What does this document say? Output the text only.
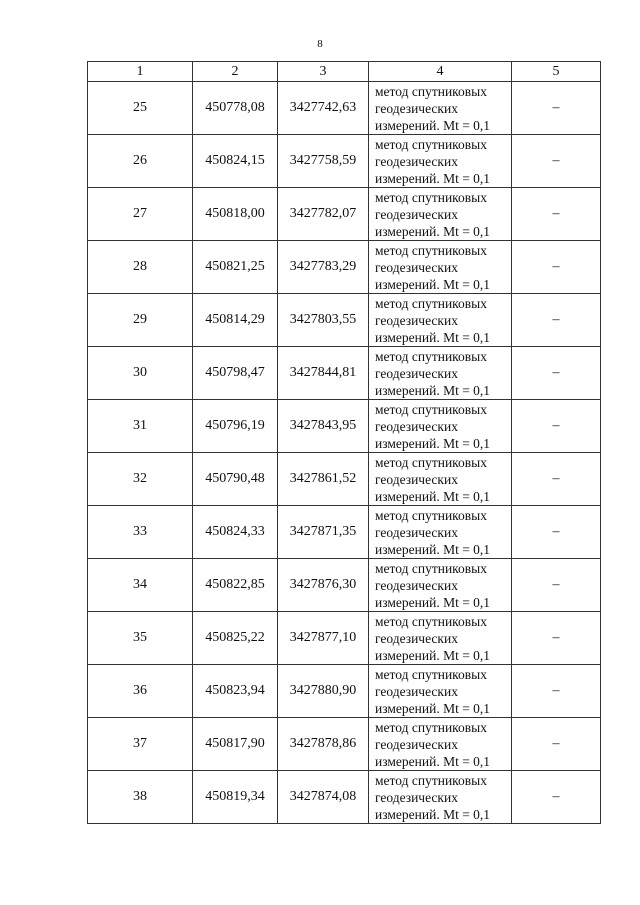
8
1	2	3	4	5
25	450778,08	3427742,63	метод спутниковых геодезических измерений. Mt = 0,1	–
26	450824,15	3427758,59	метод спутниковых геодезических измерений. Mt = 0,1	–
27	450818,00	3427782,07	метод спутниковых геодезических измерений. Mt = 0,1	–
28	450821,25	3427783,29	метод спутниковых геодезических измерений. Mt = 0,1	–
29	450814,29	3427803,55	метод спутниковых геодезических измерений. Mt = 0,1	–
30	450798,47	3427844,81	метод спутниковых геодезических измерений. Mt = 0,1	–
31	450796,19	3427843,95	метод спутниковых геодезических измерений. Mt = 0,1	–
32	450790,48	3427861,52	метод спутниковых геодезических измерений. Mt = 0,1	–
33	450824,33	3427871,35	метод спутниковых геодезических измерений. Mt = 0,1	–
34	450822,85	3427876,30	метод спутниковых геодезических измерений. Mt = 0,1	–
35	450825,22	3427877,10	метод спутниковых геодезических измерений. Mt = 0,1	–
36	450823,94	3427880,90	метод спутниковых геодезических измерений. Mt = 0,1	–
37	450817,90	3427878,86	метод спутниковых геодезических измерений. Mt = 0,1	–
38	450819,34	3427874,08	метод спутниковых геодезических измерений. Mt = 0,1	–
